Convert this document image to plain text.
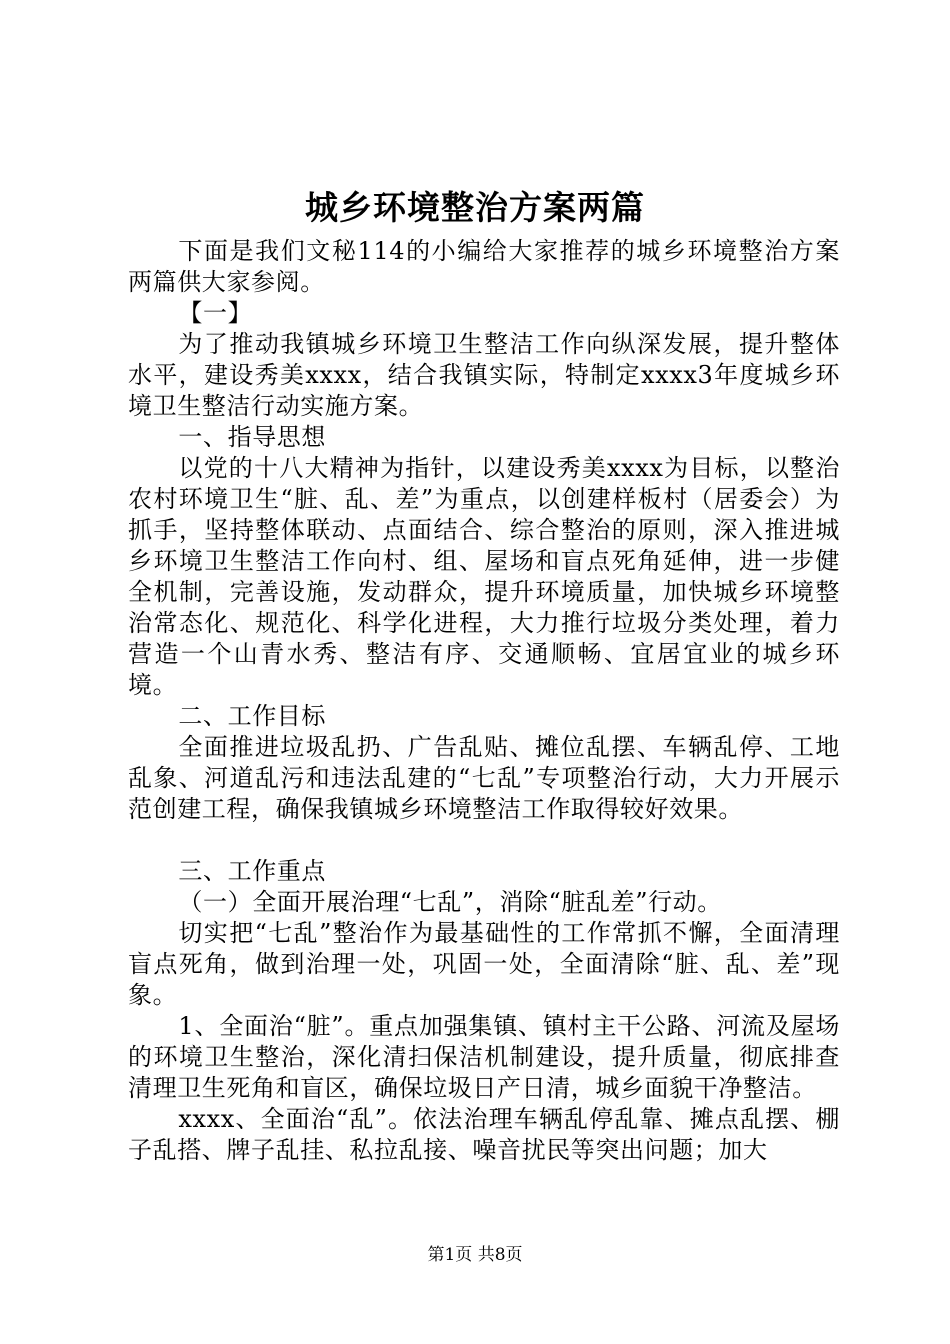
城乡环境整治方案两篇

下面是我们文秘114的小编给大家推荐的城乡环境整治方案两篇供大家参阅。

【一】

为了推动我镇城乡环境卫生整洁工作向纵深发展，提升整体水平，建设秀美xxxx，结合我镇实际，特制定xxxx3年度城乡环境卫生整洁行动实施方案。

一、指导思想

以党的十八大精神为指针，以建设秀美xxxx为目标，以整治农村环境卫生“脏、乱、差”为重点，以创建样板村（居委会）为抓手，坚持整体联动、点面结合、综合整治的原则，深入推进城乡环境卫生整洁工作向村、组、屋场和盲点死角延伸，进一步健全机制，完善设施，发动群众，提升环境质量，加快城乡环境整治常态化、规范化、科学化进程，大力推行垃圾分类处理，着力营造一个山青水秀、整洁有序、交通顺畅、宜居宜业的城乡环境。

二、工作目标

全面推进垃圾乱扔、广告乱贴、摊位乱摆、车辆乱停、工地乱象、河道乱污和违法乱建的“七乱”专项整治行动，大力开展示范创建工程，确保我镇城乡环境整洁工作取得较好效果。

三、工作重点

（一）全面开展治理“七乱”，消除“脏乱差”行动。

切实把“七乱”整治作为最基础性的工作常抓不懈，全面清理盲点死角，做到治理一处，巩固一处，全面清除“脏、乱、差”现象。

1、全面治“脏”。重点加强集镇、镇村主干公路、河流及屋场的环境卫生整治，深化清扫保洁机制建设，提升质量，彻底排查清理卫生死角和盲区，确保垃圾日产日清，城乡面貌干净整洁。

xxxx、全面治“乱”。依法治理车辆乱停乱靠、摊点乱摆、棚子乱搭、牌子乱挂、私拉乱接、噪音扰民等突出问题；加大

第1页 共8页
